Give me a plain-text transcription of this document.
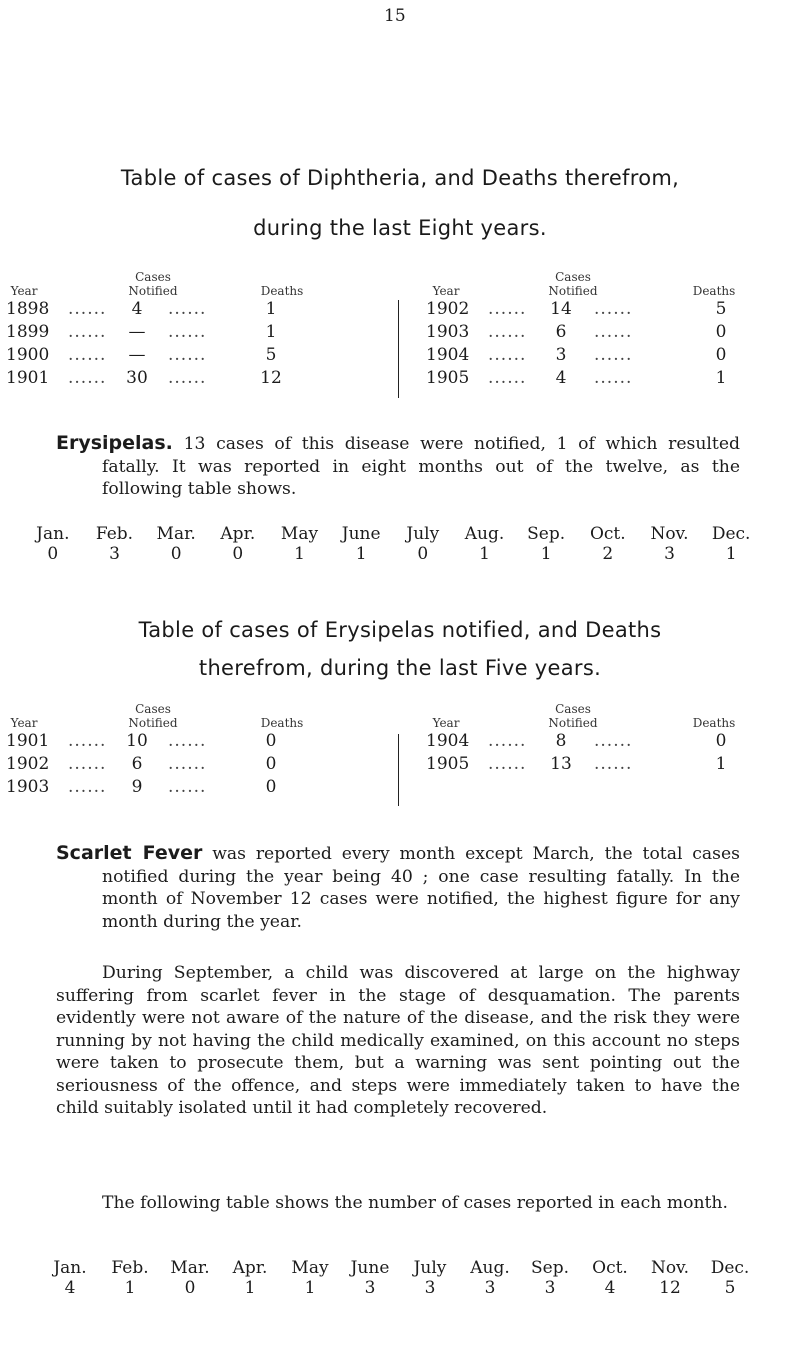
15
Table of cases of Diphtheria, and Deaths therefrom,
during the last Eight years.
Year
Cases
Notified	Deaths	Year
Cases
Notified	Deaths
1898 ......	4	......	1
1899 ......	—	......	1
1900 ......	—	......	5
1901 ...... 30 ......	12
1902 ...... 14 ......	5
1903 ......	6	......	0
1904 ......	3	......	0
1905 ......	4	......	1
Erysipelas. 13 cases of this disease were notified, 1 of which resulted fatally. It was reported in eight months out of the twelve, as the following table shows.
Jan.	Feb.	Mar.	Apr.	May	June	July	Aug.	Sep.	Oct.	Nov.	Dec.
0	3	0	0	1	1	0	1	1	2	3	1
Table of cases of Erysipelas notified, and Deaths
therefrom, during the last Five years.
Year
Cases
Notified	Deaths	Year
Cases
Notified	Deaths
1901 ...... 10 ......	0
1902 ......	6	......	0
1903 ......	9	......	0
1904 ......	8	......	0
1905 ...... 13 ......	1
Scarlet Fever was reported every month except March, the total cases notified during the year being 40 ; one case resulting fatally. In the month of November 12 cases were notified, the highest figure for any month during the year.
During September, a child was discovered at large on the highway suffering from scarlet fever in the stage of desquamation. The parents evidently were not aware of the nature of the disease, and the risk they were running by not having the child medically examined, on this account no steps were taken to prosecute them, but a warning was sent pointing out the seriousness of the offence, and steps were immediately taken to have the child suitably isolated until it had completely recovered.
The following table shows the number of cases reported in each month.
Jan.	Feb.	Mar.	Apr.	May	June	July	Aug.	Sep.	Oct.	Nov.	Dec.
4	1	0	1	1	3	3	3	3	4	12	5
